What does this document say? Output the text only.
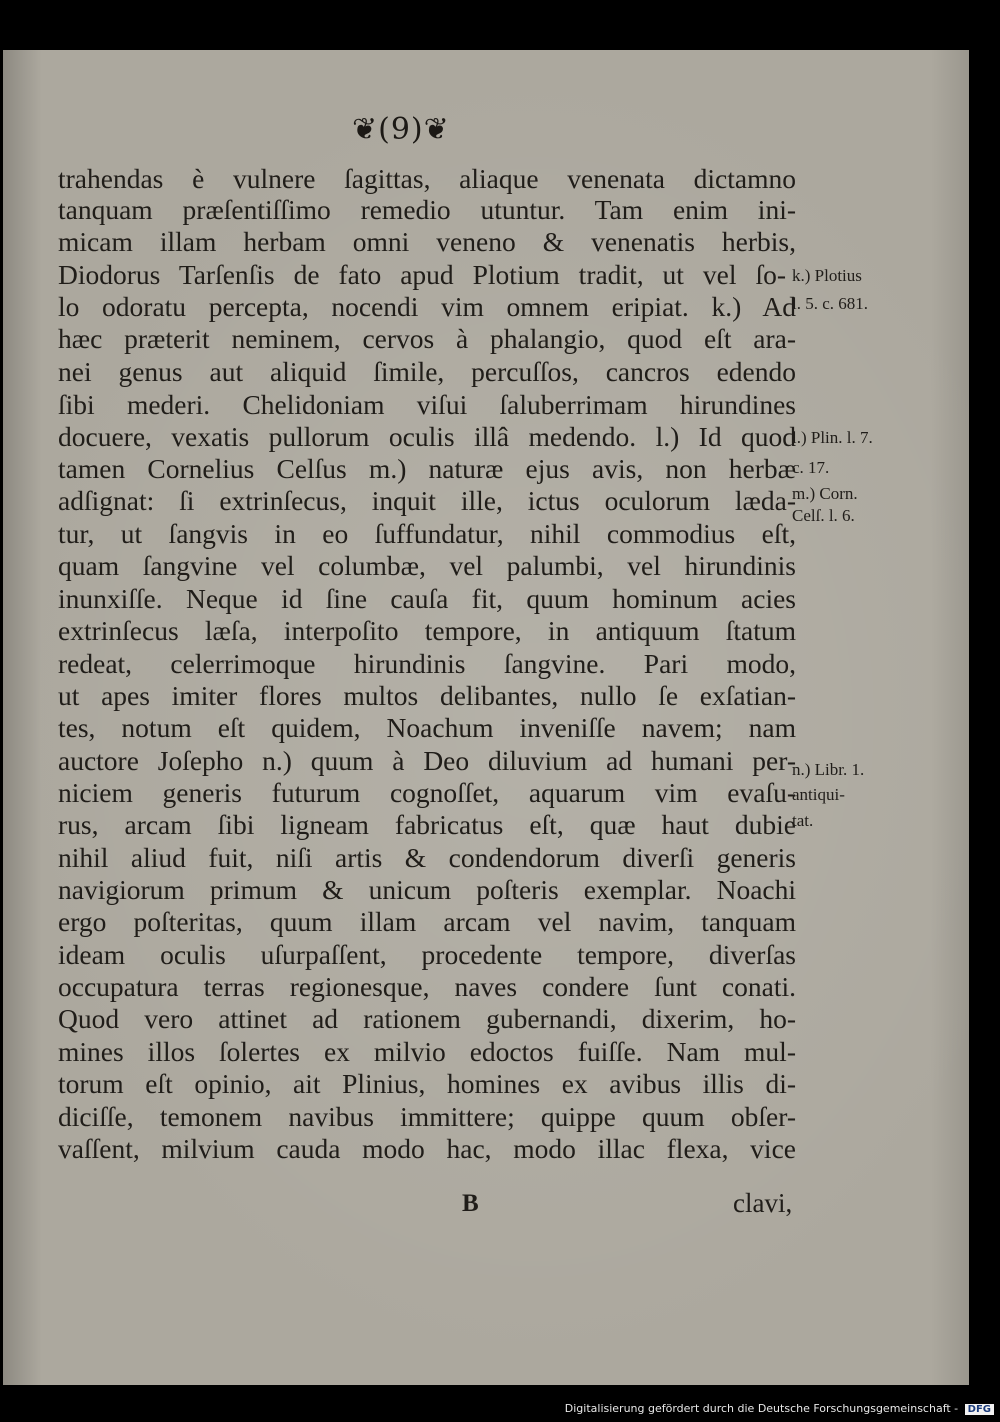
❦(9)❦
trahendas è vulnere ſagittas, aliaque venenata dictamno
tanquam præſentiſſimo remedio utuntur. Tam enim ini-
micam illam herbam omni veneno & venenatis herbis,
Diodorus Tarſenſis de fato apud Plotium tradit, ut vel ſo-
lo odoratu percepta, nocendi vim omnem eripiat. k.) Ad
hæc præterit neminem, cervos à phalangio, quod eſt ara-
nei genus aut aliquid ſimile, percuſſos, cancros edendo
ſibi mederi. Chelidoniam viſui ſaluberrimam hirundines
docuere, vexatis pullorum oculis illâ medendo. l.) Id quod
tamen Cornelius Celſus m.) naturæ ejus avis, non herbæ
adſignat: ſi extrinſecus, inquit ille, ictus oculorum læda-
tur, ut ſangvis in eo ſuffundatur, nihil commodius eſt,
quam ſangvine vel columbæ, vel palumbi, vel hirundinis
inunxiſſe. Neque id ſine cauſa fit, quum hominum acies
extrinſecus læſa, interpoſito tempore, in antiquum ſtatum
redeat, celerrimoque hirundinis ſangvine. Pari modo,
ut apes imiter flores multos delibantes, nullo ſe exſatian-
tes, notum eſt quidem, Noachum inveniſſe navem; nam
auctore Joſepho n.) quum à Deo diluvium ad humani per-
niciem generis futurum cognoſſet, aquarum vim evaſu-
rus, arcam ſibi ligneam fabricatus eſt, quæ haut dubie
nihil aliud fuit, niſi artis & condendorum diverſi generis
navigiorum primum & unicum poſteris exemplar. Noachi
ergo poſteritas, quum illam arcam vel navim, tanquam
ideam oculis uſurpaſſent, procedente tempore, diverſas
occupatura terras regionesque, naves condere ſunt conati.
Quod vero attinet ad rationem gubernandi, dixerim, ho-
mines illos ſolertes ex milvio edoctos fuiſſe. Nam mul-
torum eſt opinio, ait Plinius, homines ex avibus illis di-
diciſſe, temonem navibus immittere; quippe quum obſer-
vaſſent, milvium cauda modo hac, modo illac flexa, vice
k.) Plotius
l. 5. c. 681.
l.) Plin. l. 7.
c. 17.
m.) Corn.
Celſ. l. 6.
n.) Libr. 1.
antiqui-
tat.
B	clavi,
Digitalisierung gefördert durch die Deutsche Forschungsgemeinschaft - DFG
